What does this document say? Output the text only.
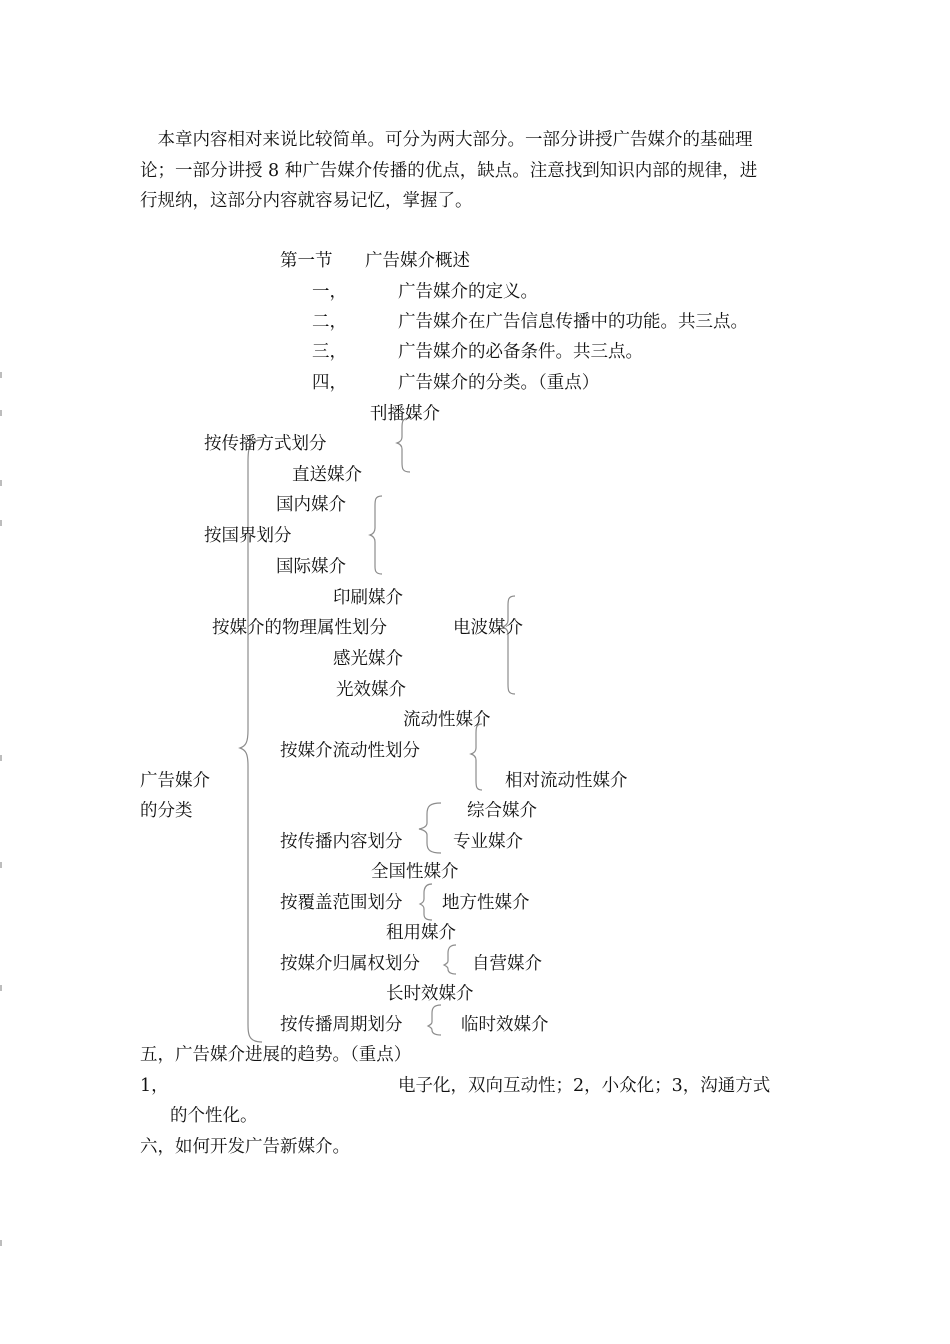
　本章内容相对来说比较简单。可分为两大部分。一部分讲授广告媒介的基础理
论；一部分讲授 8 种广告媒介传播的优点，缺点。注意找到知识内部的规律，进
行规纳，这部分内容就容易记忆，掌握了。
第一节 广告媒介概述
一，	广告媒介的定义。
二，	广告媒介在广告信息传播中的功能。共三点。
三，	广告媒介的必备条件。共三点。
四，	广告媒介的分类。（重点）
广告媒介
的分类
刊播媒介
按传播方式划分
直送媒介
国内媒介
按国界划分
国际媒介
印刷媒介
按媒介的物理属性划分	电波媒介
感光媒介
光效媒介
流动性媒介
按媒介流动性划分
相对流动性媒介
综合媒介
按传播内容划分	专业媒介
全国性媒介
按覆盖范围划分 地方性媒介
租用媒介
按媒介归属权划分	自营媒介
长时效媒介
按传播周期划分	临时效媒介
五，广告媒介进展的趋势。（重点）
1，	电子化，双向互动性；2，小众化；3，沟通方式
的个性化。
六，如何开发广告新媒介。
